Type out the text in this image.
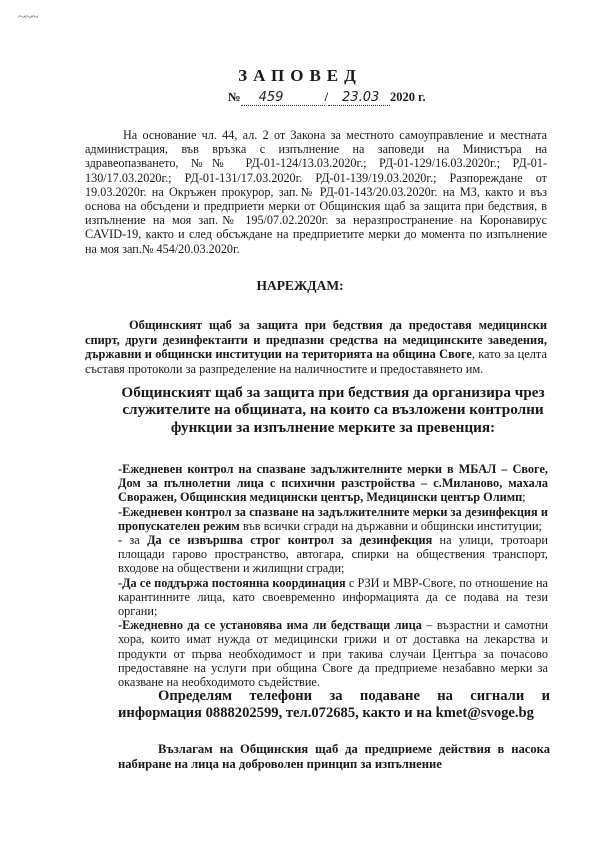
~~~
ЗАПОВЕД
№ 459	/ 23.03 2020 г.

На основание чл. 44, ал. 2 от Закона за местното самоуправление и местната администрация, във връзка с изпълнение на заповеди на Министъра на здравеопазването, №№ РД-01-124/13.03.2020г.; РД-01-129/16.03.2020г.; РД-01-130/17.03.2020г.; РД-01-131/17.03.2020г. РД-01-139/19.03.2020г.; Разпореждане от 19.03.2020г. на Окръжен прокурор, зап.№ РД-01-143/20.03.2020г. на МЗ, както и въз основа на обсъдени и предприети мерки от Общинския щаб за защита при бедствия, в изпълнение на моя зап.№ 195/07.02.2020г. за неразпространение на Коронавирус CAVID-19, както и след обсъждане на предприетите мерки до момента по изпълнение на моя зап.№ 454/20.03.2020г.

НАРЕЖДАМ:

Общинският щаб за защита при бедствия да предоставя медицински спирт, други дезинфектанти и предпазни средства на медицинските заведения, държавни и общински институции на територията на община Своге, като за целта съставя протоколи за разпределение на наличностите и предоставянето им.

Общинският щаб за защита при бедствия да организира чрез служителите на общината, на които са възложени контролни функции за изпълнение мерките за превенция:

-Ежедневен контрол на спазване задължителните мерки в МБАЛ – Своге, Дом за пълнолетни лица с психични разстройства – с.Миланово, махала Своражен, Общинския медицински център, Медицински център Олимп;

-Ежедневен контрол за спазване на задължителните мерки за дезинфекция и пропускателен режим във всички сгради на държавни и общински институции;

- за Да се извършва строг контрол за дезинфекция на улици, тротоари площади гарово пространство, автогара, спирки на обществения транспорт, входове на обществени и жилищни сгради;

-Да се поддържа постоянна координация с РЗИ и МВР-Своге, по отношение на карантинните лица, като своевременно информацията да се подава на тези органи;

-Ежедневно да се установява има ли бедстващи лица – възрастни и самотни хора, които имат нужда от медицински грижи и от доставка на лекарства и продукти от първа необходимост и при такива случаи Центъра за почасово предоставяне на услуги при община Своге да предприеме незабавно мерки за оказване на необходимото съдействие.

Определям телефони за подаване на сигнали и информация 0888202599, тел.072685, както и на kmet@svoge.bg

Възлагам на Общинския щаб да предприеме действия в насока набиране на лица на доброволен принцип за изпълнение
